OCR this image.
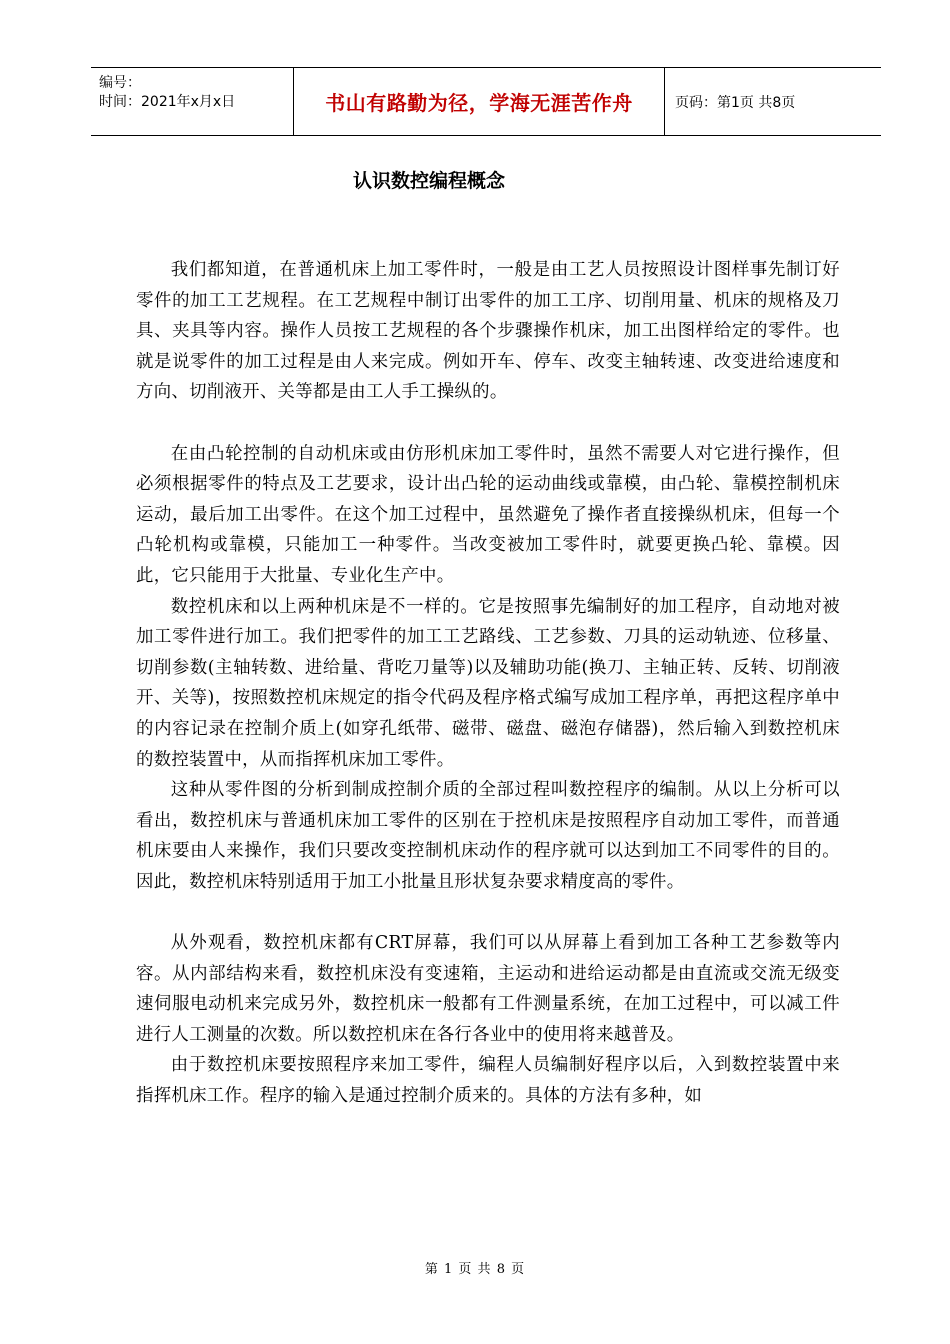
编号：
时间：2021年x月x日	书山有路勤为径，学海无涯苦作舟	页码：第1页 共8页
认识数控编程概念

我们都知道，在普通机床上加工零件时，一般是由工艺人员按照设计图样事先制订好零件的加工工艺规程。在工艺规程中制订出零件的加工工序、切削用量、机床的规格及刀具、夹具等内容。操作人员按工艺规程的各个步骤操作机床，加工出图样给定的零件。也就是说零件的加工过程是由人来完成。例如开车、停车、改变主轴转速、改变进给速度和方向、切削液开、关等都是由工人手工操纵的。

在由凸轮控制的自动机床或由仿形机床加工零件时，虽然不需要人对它进行操作，但必须根据零件的特点及工艺要求，设计出凸轮的运动曲线或靠模，由凸轮、靠模控制机床运动，最后加工出零件。在这个加工过程中，虽然避免了操作者直接操纵机床，但每一个凸轮机构或靠模，只能加工一种零件。当改变被加工零件时，就要更换凸轮、靠模。因此，它只能用于大批量、专业化生产中。

数控机床和以上两种机床是不一样的。它是按照事先编制好的加工程序，自动地对被加工零件进行加工。我们把零件的加工工艺路线、工艺参数、刀具的运动轨迹、位移量、切削参数(主轴转数、进给量、背吃刀量等)以及辅助功能(换刀、主轴正转、反转、切削液开、关等)，按照数控机床规定的指令代码及程序格式编写成加工程序单，再把这程序单中的内容记录在控制介质上(如穿孔纸带、磁带、磁盘、磁泡存储器)，然后输入到数控机床的数控装置中，从而指挥机床加工零件。

这种从零件图的分析到制成控制介质的全部过程叫数控程序的编制。从以上分析可以看出，数控机床与普通机床加工零件的区别在于控机床是按照程序自动加工零件，而普通机床要由人来操作，我们只要改变控制机床动作的程序就可以达到加工不同零件的目的。因此，数控机床特别适用于加工小批量且形状复杂要求精度高的零件。

从外观看，数控机床都有CRT屏幕，我们可以从屏幕上看到加工各种工艺参数等内容。从内部结构来看，数控机床没有变速箱，主运动和进给运动都是由直流或交流无级变速伺服电动机来完成另外，数控机床一般都有工件测量系统，在加工过程中，可以减工件进行人工测量的次数。所以数控机床在各行各业中的使用将来越普及。

由于数控机床要按照程序来加工零件，编程人员编制好程序以后，入到数控装置中来指挥机床工作。程序的输入是通过控制介质来的。具体的方法有多种，如

第 1 页 共 8 页
